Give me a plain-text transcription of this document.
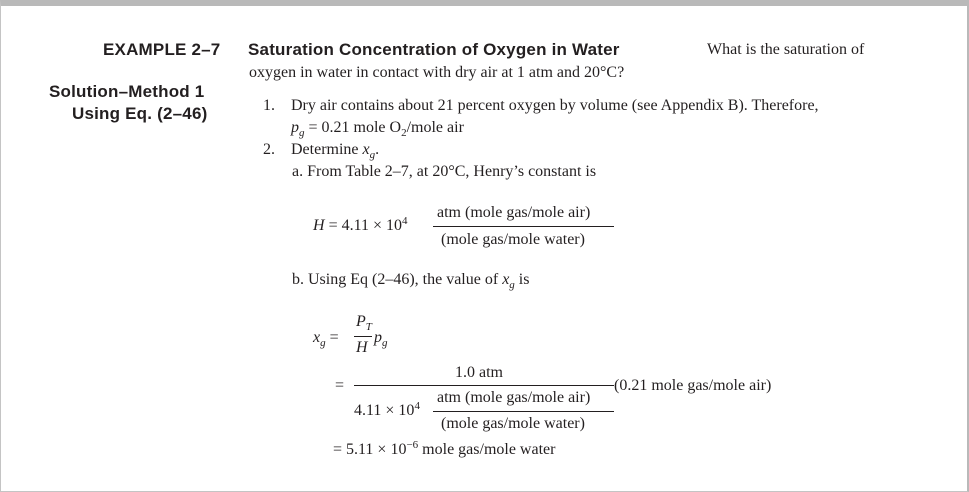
EXAMPLE 2–7 Saturation Concentration of Oxygen in Water	What is the saturation of
oxygen in water in contact with dry air at 1 atm and 20°C?
Solution–Method 1
Using Eq. (2–46)	1. Dry air contains about 21 percent oxygen by volume (see Appendix B). Therefore,
$p_g = 0.21$ mole $O_2$/mole air
2. Determine $x_g$.
a. From Table 2–7, at 20°C, Henry’s constant is
$H = 4.11 \times 10^4$ atm (mole gas/mole air)
(mole gas/mole water)
b. Using Eq (2–46), the value of $x_g$ is
$x_g$ =
$P_T$
H
$p_g$
=
1.0 atm
$4.11 \times 10^4$ atm (mole gas/mole air)
(mole gas/mole water)
(0.21 mole gas/mole air)
= $5.11 \times 10^{-6}$ mole gas/mole water
